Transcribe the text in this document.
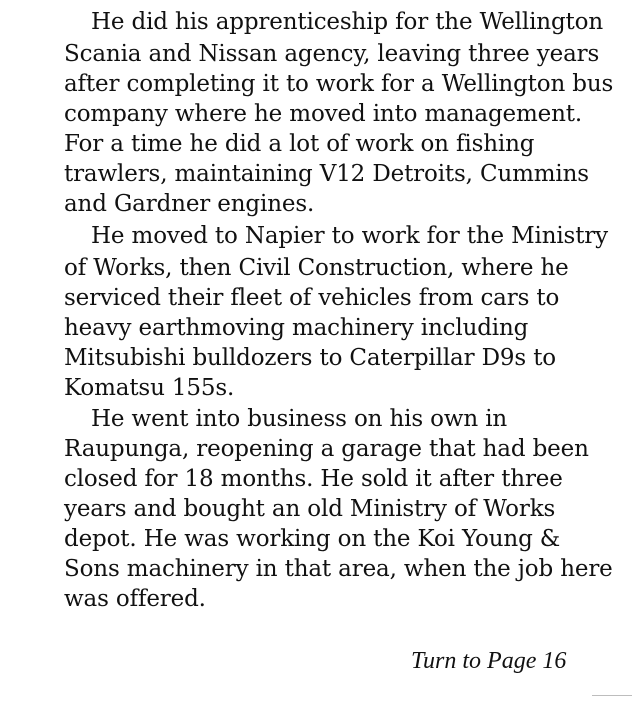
He did his apprenticeship for the Wellington

Scania and Nissan agency, leaving three years

after completing it to work for a Wellington bus

company where he moved into management.

For a time he did a lot of work on fishing

trawlers, maintaining V12 Detroits, Cummins

and Gardner engines.

He moved to Napier to work for the Ministry

of Works, then Civil Construction, where he

serviced their fleet of vehicles from cars to

heavy earthmoving machinery including

Mitsubishi bulldozers to Caterpillar D9s to

Komatsu 155s.

He went into business on his own in

Raupunga, reopening a garage that had been

closed for 18 months. He sold it after three

years and bought an old Ministry of Works

depot. He was working on the Koi Young &

Sons machinery in that area, when the job here

was offered.

Turn to Page 16
